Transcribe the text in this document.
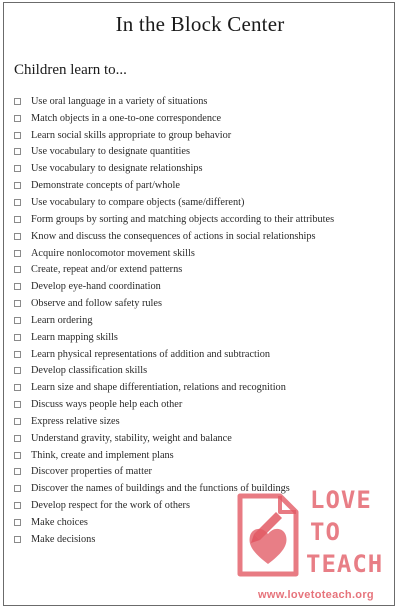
In the Block Center
Children learn to...
Use oral language in a variety of situations
Match objects in a one-to-one correspondence
Learn social skills appropriate to group behavior
Use vocabulary to designate quantities
Use vocabulary to designate relationships
Demonstrate concepts of part/whole
Use vocabulary to compare objects (same/different)
Form groups by sorting and matching objects according to their attributes
Know and discuss the consequences of actions in social relationships
Acquire nonlocomotor movement skills
Create, repeat and/or extend patterns
Develop eye-hand coordination
Observe and follow safety rules
Learn ordering
Learn mapping skills
Learn physical representations of addition and subtraction
Develop classification skills
Learn size and shape differentiation, relations and recognition
Discuss ways people help each other
Express relative sizes
Understand gravity, stability, weight and balance
Think, create and implement plans
Discover properties of matter
Discover the names of buildings and the functions of buildings
Develop respect for the work of others
Make choices
Make decisions
LOVE
TO
TEACH
www.lovetoteach.org
